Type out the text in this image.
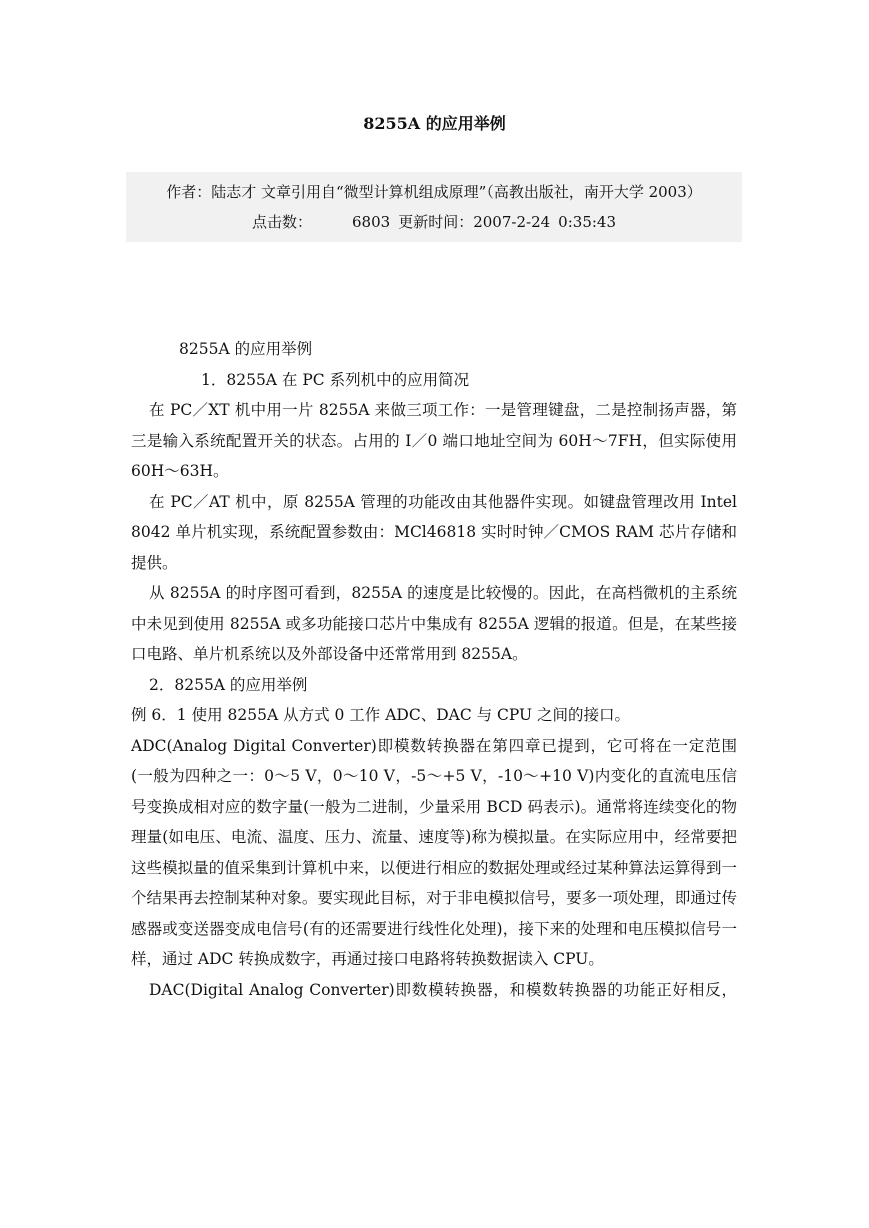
8255A 的应用举例
作者：陆志才 文章引用自“微型计算机组成原理”（高教出版社，南开大学 2003）
点击数：	6803 更新时间：2007-2-24 0:35:43

8255A 的应用举例

1．8255A 在 PC 系列机中的应用简况

在 PC／XT 机中用一片 8255A 来做三项工作：一是管理键盘，二是控制扬声器，第三是输入系统配置开关的状态。占用的 I／0 端口地址空间为 60H～7FH，但实际使用 60H～63H。

在 PC／AT 机中，原 8255A 管理的功能改由其他器件实现。如键盘管理改用 Intel 8042 单片机实现，系统配置参数由：MCl46818 实时时钟／CMOS RAM 芯片存储和提供。

从 8255A 的时序图可看到，8255A 的速度是比较慢的。因此，在高档微机的主系统中未见到使用 8255A 或多功能接口芯片中集成有 8255A 逻辑的报道。但是，在某些接口电路、单片机系统以及外部设备中还常常用到 8255A。

2．8255A 的应用举例

例 6．1 使用 8255A 从方式 0 工作 ADC、DAC 与 CPU 之间的接口。

ADC(Analog Digital Converter)即模数转换器在第四章已提到，它可将在一定范围(一般为四种之一：0～5 V，0～10 V，-5～+5 V，-10～+10 V)内变化的直流电压信号变换成相对应的数字量(一般为二进制，少量采用 BCD 码表示)。通常将连续变化的物理量(如电压、电流、温度、压力、流量、速度等)称为模拟量。在实际应用中，经常要把这些模拟量的值采集到计算机中来，以便进行相应的数据处理或经过某种算法运算得到一个结果再去控制某种对象。要实现此目标，对于非电模拟信号，要多一项处理，即通过传感器或变送器变成电信号(有的还需要进行线性化处理)，接下来的处理和电压模拟信号一样，通过 ADC 转换成数字，再通过接口电路将转换数据读入 CPU。

DAC(Digital Analog Converter)即数模转换器，和模数转换器的功能正好相反，
